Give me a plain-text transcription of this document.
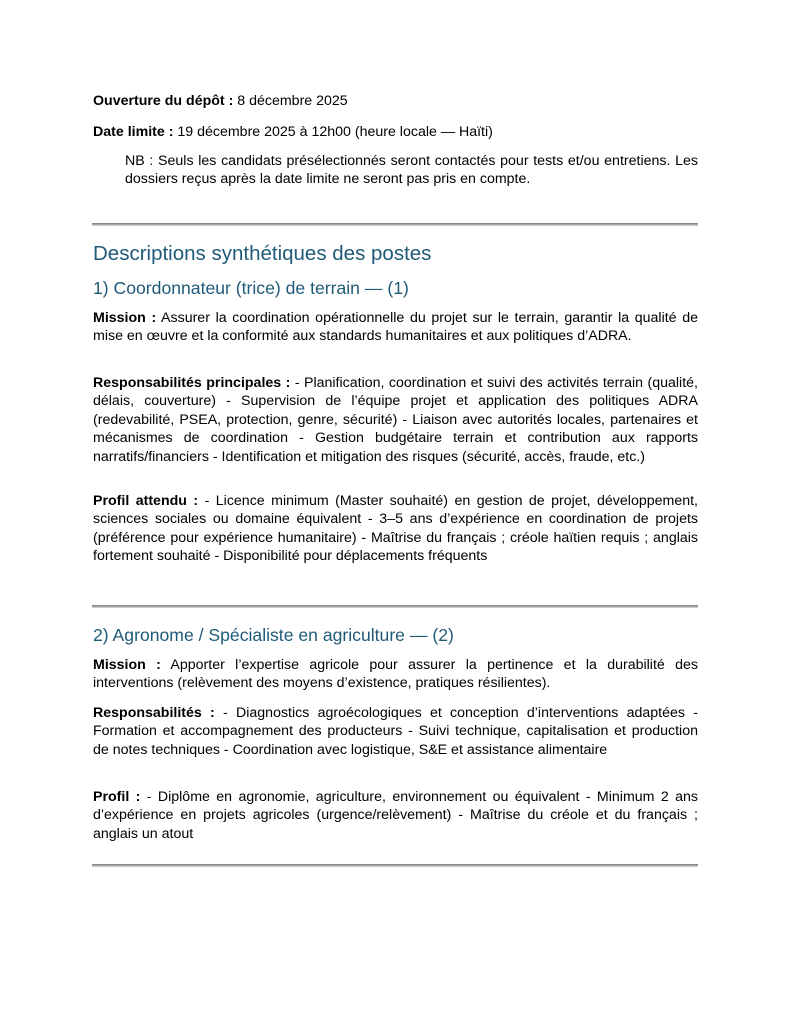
Ouverture du dépôt : 8 décembre 2025

Date limite : 19 décembre 2025 à 12h00 (heure locale — Haïti)

NB : Seuls les candidats présélectionnés seront contactés pour tests et/ou entretiens. Les dossiers reçus après la date limite ne seront pas pris en compte.

Descriptions synthétiques des postes
1) Coordonnateur (trice) de terrain — (1)

Mission : Assurer la coordination opérationnelle du projet sur le terrain, garantir la qualité de mise en œuvre et la conformité aux standards humanitaires et aux politiques d’ADRA.

Responsabilités principales : - Planification, coordination et suivi des activités terrain (qualité, délais, couverture) - Supervision de l’équipe projet et application des politiques ADRA (redevabilité, PSEA, protection, genre, sécurité) - Liaison avec autorités locales, partenaires et mécanismes de coordination - Gestion budgétaire terrain et contribution aux rapports narratifs/financiers - Identification et mitigation des risques (sécurité, accès, fraude, etc.)

Profil attendu : - Licence minimum (Master souhaité) en gestion de projet, développement, sciences sociales ou domaine équivalent - 3–5 ans d’expérience en coordination de projets (préférence pour expérience humanitaire) - Maîtrise du français ; créole haïtien requis ; anglais fortement souhaité - Disponibilité pour déplacements fréquents

2) Agronome / Spécialiste en agriculture — (2)

Mission : Apporter l’expertise agricole pour assurer la pertinence et la durabilité des interventions (relèvement des moyens d’existence, pratiques résilientes).

Responsabilités : - Diagnostics agroécologiques et conception d’interventions adaptées - Formation et accompagnement des producteurs - Suivi technique, capitalisation et production de notes techniques - Coordination avec logistique, S&E et assistance alimentaire

Profil : - Diplôme en agronomie, agriculture, environnement ou équivalent - Minimum 2 ans d’expérience en projets agricoles (urgence/relèvement) - Maîtrise du créole et du français ; anglais un atout
